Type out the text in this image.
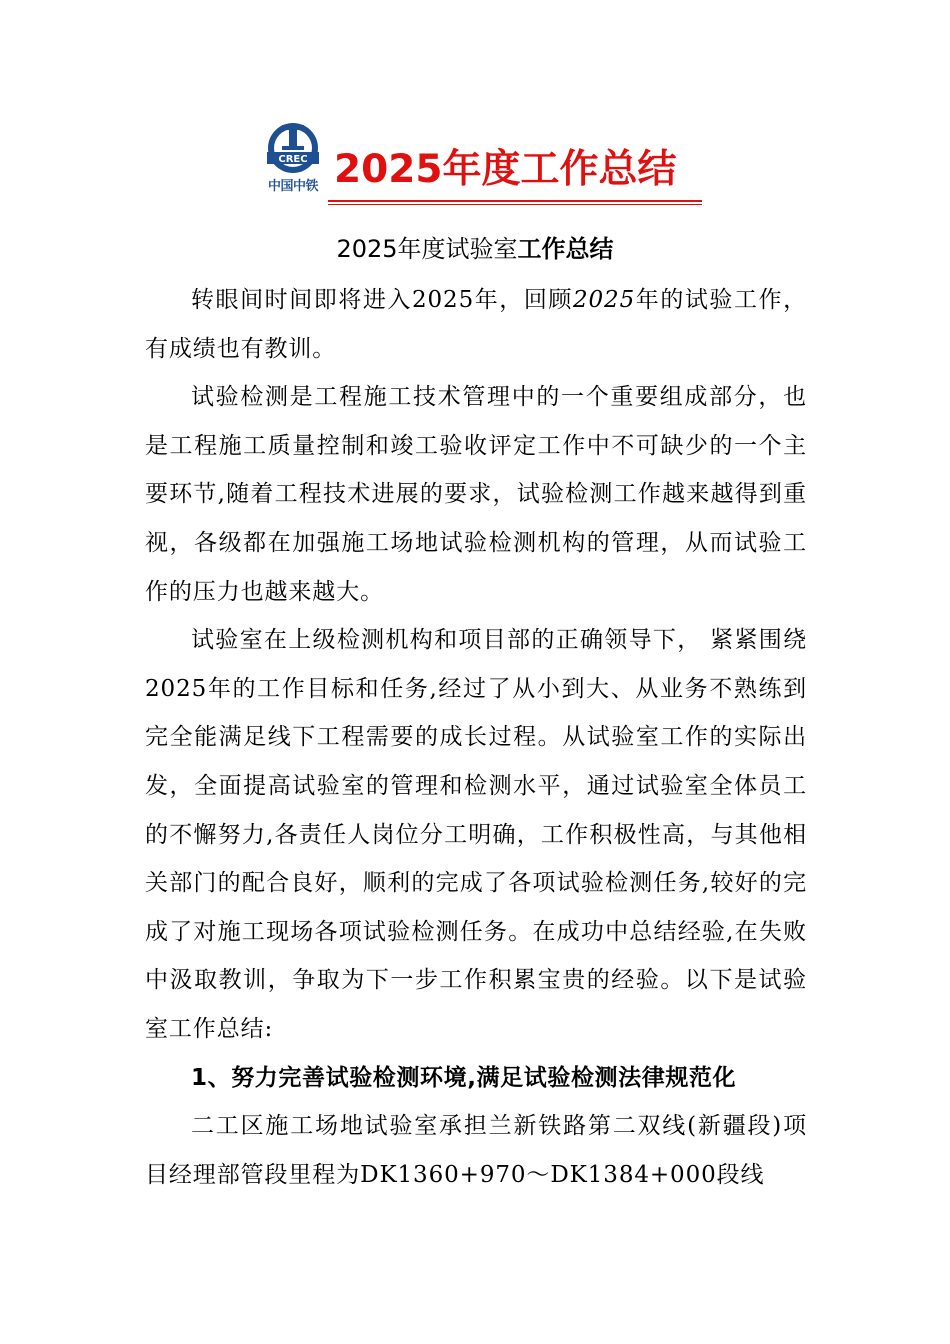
CREC
中国中铁 2025年度工作总结
2025年度试验室工作总结

转眼间时间即将进入2025年，回顾2025年的试验工作，有成绩也有教训。

试验检测是工程施工技术管理中的一个重要组成部分，也是工程施工质量控制和竣工验收评定工作中不可缺少的一个主要环节,随着工程技术进展的要求，试验检测工作越来越得到重视，各级都在加强施工场地试验检测机构的管理，从而试验工作的压力也越来越大。

试验室在上级检测机构和项目部的正确领导下， 紧紧围绕2025年的工作目标和任务,经过了从小到大、从业务不熟练到完全能满足线下工程需要的成长过程。从试验室工作的实际出发，全面提高试验室的管理和检测水平，通过试验室全体员工的不懈努力,各责任人岗位分工明确，工作积极性高，与其他相关部门的配合良好，顺利的完成了各项试验检测任务,较好的完成了对施工现场各项试验检测任务。在成功中总结经验,在失败中汲取教训，争取为下一步工作积累宝贵的经验。以下是试验室工作总结:

1、努力完善试验检测环境,满足试验检测法律规范化

二工区施工场地试验室承担兰新铁路第二双线(新疆段)项目经理部管段里程为DK1360+970～DK1384+000段线
